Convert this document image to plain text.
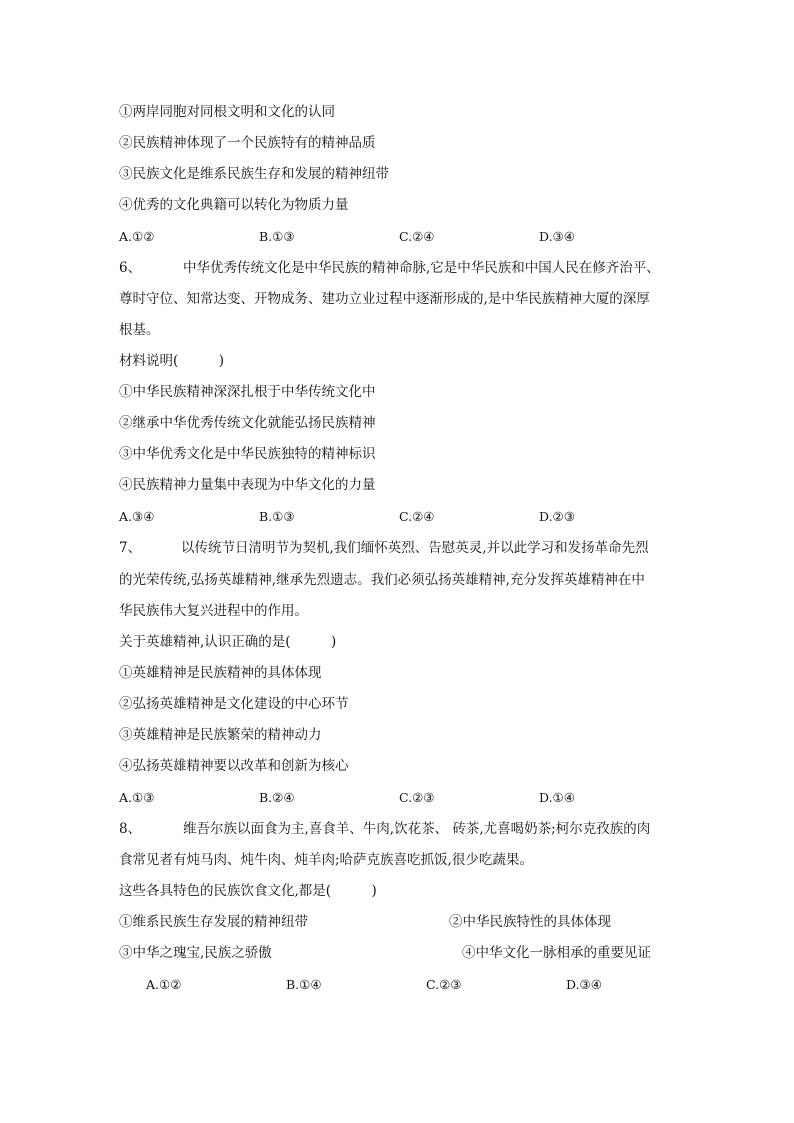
①两岸同胞对同根文明和文化的认同
②民族精神体现了一个民族特有的精神品质
③民族文化是维系民族生存和发展的精神纽带
④优秀的文化典籍可以转化为物质力量
A.①②	B.①③	C.②④	D.③④
6、	中华优秀传统文化是中华民族的精神命脉,它是中华民族和中国人民在修齐治平、
尊时守位、知常达变、开物成务、建功立业过程中逐渐形成的,是中华民族精神大厦的深厚
根基。
材料说明(　　　)
①中华民族精神深深扎根于中华传统文化中
②继承中华优秀传统文化就能弘扬民族精神
③中华优秀文化是中华民族独特的精神标识
④民族精神力量集中表现为中华文化的力量
A.③④	B.①③	C.②④	D.②③
7、	以传统节日清明节为契机,我们缅怀英烈、告慰英灵,并以此学习和发扬革命先烈
的光荣传统,弘扬英雄精神,继承先烈遗志。我们必须弘扬英雄精神,充分发挥英雄精神在中
华民族伟大复兴进程中的作用。
关于英雄精神,认识正确的是(　　　)
①英雄精神是民族精神的具体体现
②弘扬英雄精神是文化建设的中心环节
③英雄精神是民族繁荣的精神动力
④弘扬英雄精神要以改革和创新为核心
A.①③	B.②④	C.②③	D.①④
8、	维吾尔族以面食为主,喜食羊、牛肉,饮花茶、 砖茶,尤喜喝奶茶;柯尔克孜族的肉
食常见者有炖马肉、炖牛肉、炖羊肉;哈萨克族喜吃抓饭,很少吃蔬果。
这些各具特色的民族饮食文化,都是(　　　)
①维系民族生存发展的精神纽带	②中华民族特性的具体体现
③中华之瑰宝,民族之骄傲	④中华文化一脉相承的重要见证
A.①②	B.①④	C.②③	D.③④
